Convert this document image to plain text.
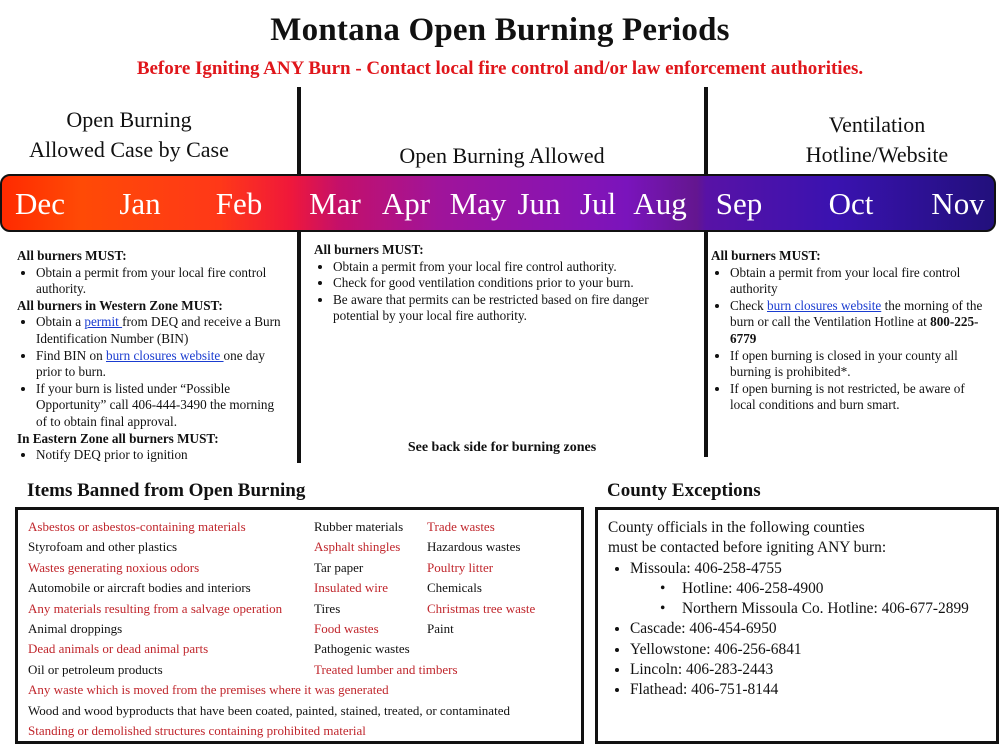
Montana Open Burning Periods
Before Igniting ANY Burn - Contact local fire control and/or law enforcement authorities.
Open Burning
Allowed Case by Case	Open Burning Allowed
Ventilation
Hotline/Website
Dec Jan Feb Mar Apr May Jun Jul Aug Sep Oct Nov
All burners MUST:
• Obtain a permit from your local fire control authority.
All burners in Western Zone MUST:
• Obtain a permit from DEQ and receive a Burn Identification Number (BIN)
• Find BIN on burn closures website one day prior to burn.
• If your burn is listed under “Possible Opportunity” call 406-444-3490 the morning of to obtain final approval.
In Eastern Zone all burners MUST:
• Notify DEQ prior to ignition
All burners MUST:
• Obtain a permit from your local fire control authority.
• Check for good ventilation conditions prior to your burn.
• Be aware that permits can be restricted based on fire danger potential by your local fire authority.
See back side for burning zones
All burners MUST:
• Obtain a permit from your local fire control authority
• Check burn closures website the morning of the burn or call the Ventilation Hotline at 800-225-6779
• If open burning is closed in your county all burning is prohibited*.
• If open burning is not restricted, be aware of local conditions and burn smart.
Items Banned from Open Burning
Asbestos or asbestos-containing materials
Styrofoam and other plastics
Wastes generating noxious odors
Automobile or aircraft bodies and interiors
Any materials resulting from a salvage operation
Animal droppings
Dead animals or dead animal parts
Oil or petroleum products
Rubber materials
Asphalt shingles
Tar paper
Insulated wire
Tires
Food wastes
Pathogenic wastes
Treated lumber and timbers
Trade wastes
Hazardous wastes
Poultry litter
Chemicals
Christmas tree waste
Paint
Any waste which is moved from the premises where it was generated
Wood and wood byproducts that have been coated, painted, stained, treated, or contaminated
Standing or demolished structures containing prohibited material
County Exceptions
County officials in the following counties
must be contacted before igniting ANY burn:
• Missoula: 406-258-4755
• Hotline: 406-258-4900
• Northern Missoula Co. Hotline: 406-677-2899
• Cascade: 406-454-6950
• Yellowstone: 406-256-6841
• Lincoln: 406-283-2443
• Flathead: 406-751-8144
